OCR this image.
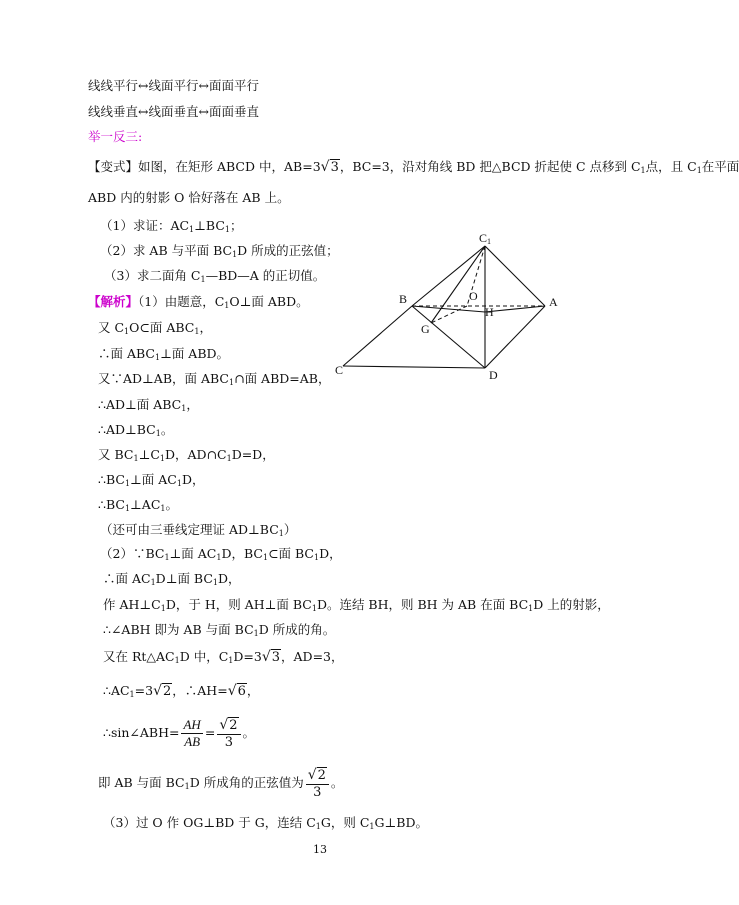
线线平行↔线面平行↔面面平行
线线垂直↔线面垂直↔面面垂直
举一反三:
【变式】如图，在矩形 ABCD 中，AB=3√3，BC=3，沿对角线 BD 把△BCD 折起使 C 点移到 $C_1$点，且 $C_1$在平面
ABD 内的射影 O 恰好落在 AB 上。
（1）求证：$AC_1\perp BC_1$；
（2）求 AB 与平面 $BC_1D$ 所成的正弦值；
（3）求二面角 $C_1—BD—A$ 的正切值。
【解析】（1）由题意，$C_1O\perp$面 ABD。
又 $C_1O\subset$面 $ABC_1$，
∴面 $ABC_1\perp$面 ABD。
又∵AD⊥AB，面 $ABC_1\cap$面 ABD=AB，
∴AD⊥面 $ABC_1$，
$\therefore AD\perp BC_1$。
又 $BC_1\perp C_1D$，$AD\cap C_1D=D$，
$\therefore BC_1\perp$面 $AC_1D$，
$\therefore BC_1\perp AC_1$。
（还可由三垂线定理证 $AD\perp BC_1$）
$(2)\because BC_1\perp$面 $AC_1D$，$BC_1\subset$面 $BC_1D$，
∴面 $AC_1D\perp$面 $BC_1D$，
作 $AH\perp C_1D$，于 H，则 AH⊥面 $BC_1D$。连结 BH，则 BH 为 AB 在面 $BC_1D$ 上的射影，
∴∠ABH 即为 AB 与面 $BC_1D$ 所成的角。
又在 $Rt\triangle AC_1D$ 中，$C_1D=3√3$，AD=3，
$\therefore AC_1=3√2$，∴AH=√6，
∴sin∠ABH= $\frac{AH}{AB} = \frac{√2}{3}$ 。
即 AB 与面 $BC_1D$ 所成角的正弦值为 $\frac{√2}{3}$ 。
（3）过 O 作 OG⊥BD 于 G，连结 $C_1G$，则 $C_1G\perp BD$。
C1
B	O	A
H
G
C	D
13
